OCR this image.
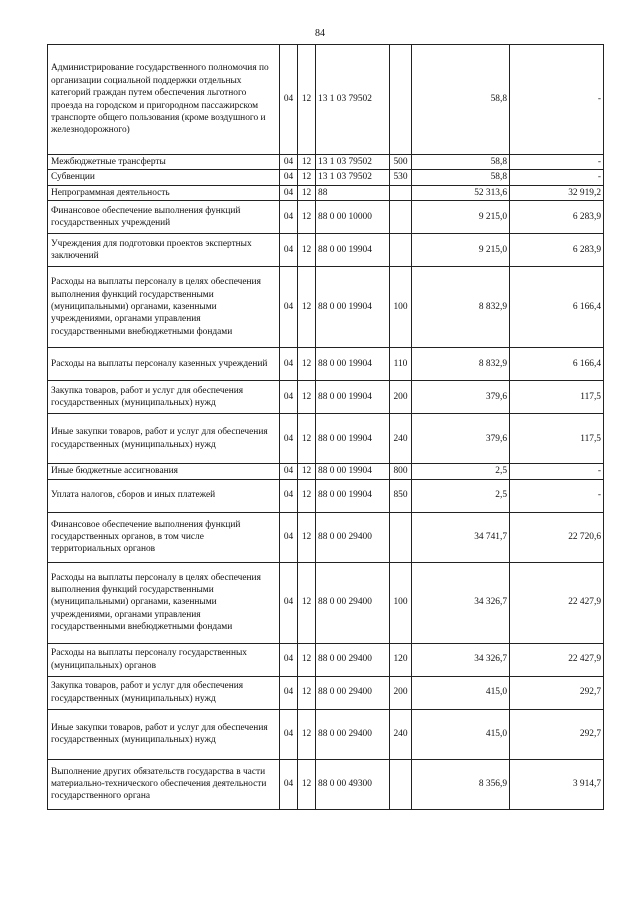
84
Администрирование государственного полномочия по организации социальной поддержки отдельных категорий граждан путем обеспечения льготного проезда на городском и пригородном пассажирском транспорте общего пользования (кроме воздушного и железнодорожного)	04	12	13 1 03 79502		58,8	-
Межбюджетные трансферты	04	12	13 1 03 79502	500	58,8	-
Субвенции	04	12	13 1 03 79502	530	58,8	-
Непрограммная деятельность	04	12	88		52 313,6	32 919,2
Финансовое обеспечение выполнения функций государственных учреждений	04	12	88 0 00 10000		9 215,0	6 283,9
Учреждения для подготовки проектов экспертных заключений	04	12	88 0 00 19904		9 215,0	6 283,9
Расходы на выплаты персоналу в целях обеспечения выполнения функций государственными (муниципальными) органами, казенными учреждениями, органами управления государственными внебюджетными фондами	04	12	88 0 00 19904	100	8 832,9	6 166,4
Расходы на выплаты персоналу казенных учреждений	04	12	88 0 00 19904	110	8 832,9	6 166,4
Закупка товаров, работ и услуг для обеспечения государственных (муниципальных) нужд	04	12	88 0 00 19904	200	379,6	117,5
Иные закупки товаров, работ и услуг для обеспечения государственных (муниципальных) нужд	04	12	88 0 00 19904	240	379,6	117,5
Иные бюджетные ассигнования	04	12	88 0 00 19904	800	2,5	-
Уплата налогов, сборов и иных платежей	04	12	88 0 00 19904	850	2,5	-
Финансовое обеспечение выполнения функций государственных органов, в том числе территориальных органов	04	12	88 0 00 29400		34 741,7	22 720,6
Расходы на выплаты персоналу в целях обеспечения выполнения функций государственными (муниципальными) органами, казенными учреждениями, органами управления государственными внебюджетными фондами	04	12	88 0 00 29400	100	34 326,7	22 427,9
Расходы на выплаты персоналу государственных (муниципальных) органов	04	12	88 0 00 29400	120	34 326,7	22 427,9
Закупка товаров, работ и услуг для обеспечения государственных (муниципальных) нужд	04	12	88 0 00 29400	200	415,0	292,7
Иные закупки товаров, работ и услуг для обеспечения государственных (муниципальных) нужд	04	12	88 0 00 29400	240	415,0	292,7
Выполнение других обязательств государства в части материально-технического обеспечения деятельности государственного органа	04	12	88 0 00 49300		8 356,9	3 914,7
